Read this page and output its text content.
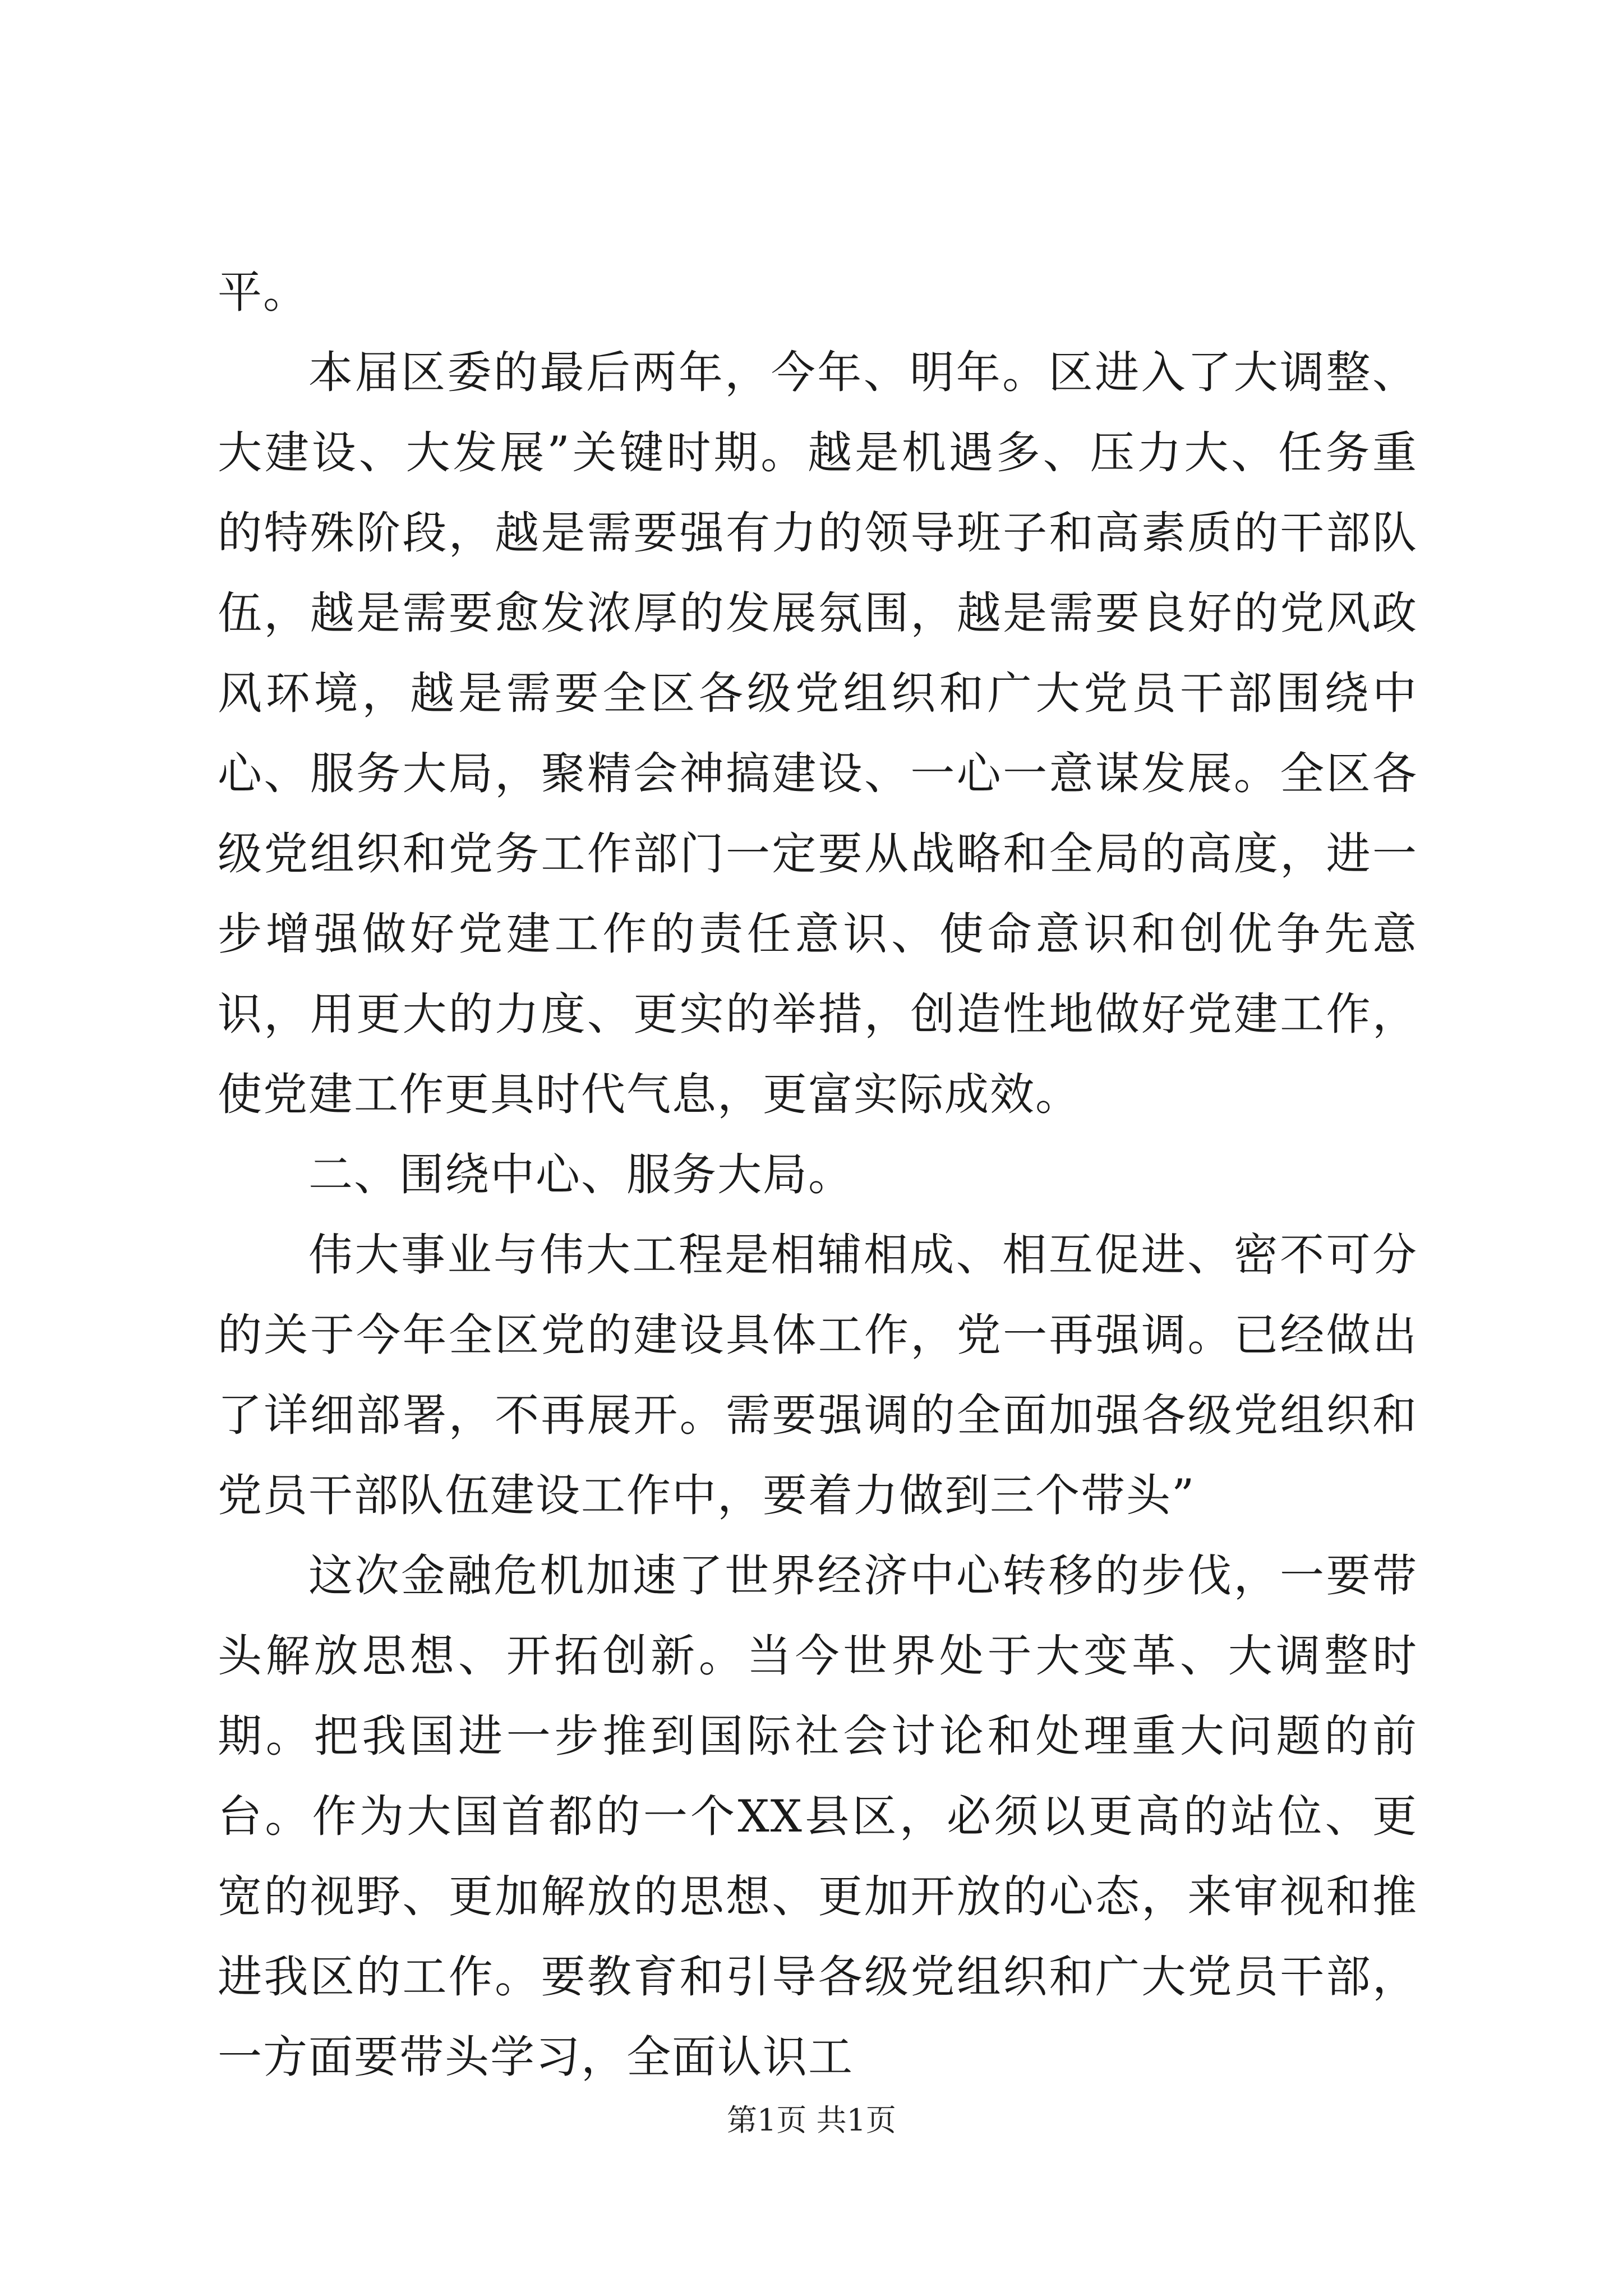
平。

本届区委的最后两年，今年、明年。区进入了大调整、大建设、大发展”关键时期。越是机遇多、压力大、任务重的特殊阶段，越是需要强有力的领导班子和高素质的干部队伍，越是需要愈发浓厚的发展氛围，越是需要良好的党风政风环境，越是需要全区各级党组织和广大党员干部围绕中心、服务大局，聚精会神搞建设、一心一意谋发展。全区各级党组织和党务工作部门一定要从战略和全局的高度，进一步增强做好党建工作的责任意识、使命意识和创优争先意识，用更大的力度、更实的举措，创造性地做好党建工作，使党建工作更具时代气息，更富实际成效。

二、围绕中心、服务大局。

伟大事业与伟大工程是相辅相成、相互促进、密不可分的关于今年全区党的建设具体工作，党一再强调。已经做出了详细部署，不再展开。需要强调的全面加强各级党组织和党员干部队伍建设工作中，要着力做到三个带头”

这次金融危机加速了世界经济中心转移的步伐，一要带头解放思想、开拓创新。当今世界处于大变革、大调整时期。把我国进一步推到国际社会讨论和处理重大问题的前台。作为大国首都的一个XX县区，必须以更高的站位、更宽的视野、更加解放的思想、更加开放的心态，来审视和推进我区的工作。要教育和引导各级党组织和广大党员干部，一方面要带头学习，全面认识工

第1页 共1页
